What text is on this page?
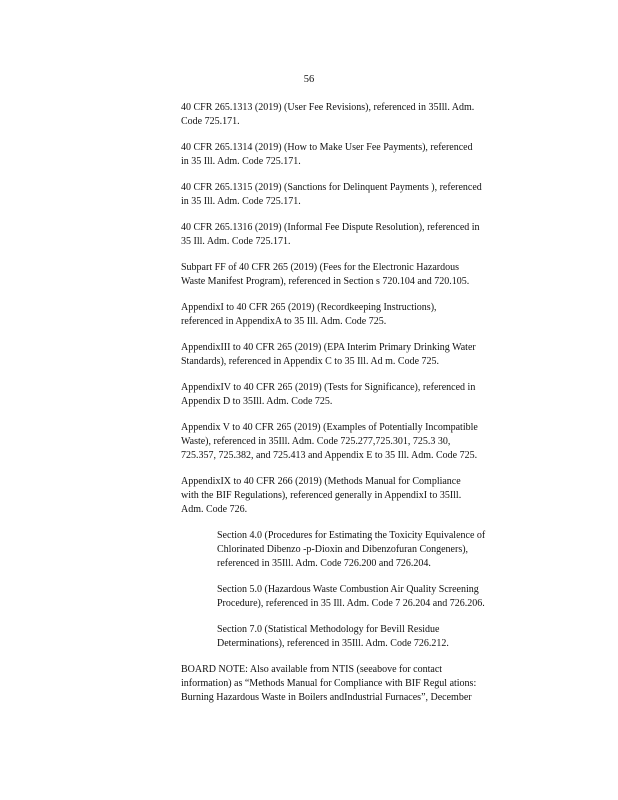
56
40 CFR 265.1313 (2019) (User Fee Revisions), referenced in 35Ill. Adm.
Code 725.171.
40 CFR 265.1314 (2019) (How to Make User Fee Payments), referenced
in 35 Ill. Adm. Code 725.171.
40 CFR 265.1315 (2019) (Sanctions for Delinquent Payments ), referenced
in 35 Ill. Adm. Code 725.171.
40 CFR 265.1316 (2019) (Informal Fee Dispute Resolution), referenced in
35 Ill. Adm. Code 725.171.
Subpart FF of 40 CFR 265 (2019) (Fees for the Electronic Hazardous
Waste Manifest Program), referenced in Section s 720.104 and 720.105.
AppendixI to 40 CFR 265 (2019) (Recordkeeping Instructions),
referenced in AppendixA to 35 Ill. Adm. Code 725.
AppendixIII to 40 CFR 265 (2019) (EPA Interim Primary Drinking Water
Standards), referenced in Appendix C to 35 Ill. Ad m. Code 725.
AppendixIV to 40 CFR 265 (2019) (Tests for Significance), referenced in
Appendix D to 35Ill. Adm. Code 725.
Appendix V to 40 CFR 265 (2019) (Examples of Potentially Incompatible
Waste), referenced in 35Ill. Adm. Code 725.277,725.301, 725.3 30,
725.357, 725.382, and 725.413 and Appendix E to 35 Ill. Adm. Code 725.
AppendixIX to 40 CFR 266 (2019) (Methods Manual for Compliance
with the BIF Regulations), referenced generally in AppendixI to 35Ill.
Adm. Code 726.
Section 4.0 (Procedures for Estimating the Toxicity Equivalence of
Chlorinated Dibenzo -p-Dioxin and Dibenzofuran Congeners),
referenced in 35Ill. Adm. Code 726.200 and 726.204.
Section 5.0 (Hazardous Waste Combustion Air Quality Screening
Procedure), referenced in 35 Ill. Adm. Code 7 26.204 and 726.206.
Section 7.0 (Statistical Methodology for Bevill Residue
Determinations), referenced in 35Ill. Adm. Code 726.212.
BOARD NOTE: Also available from NTIS (seeabove for contact
information) as “Methods Manual for Compliance with BIF Regul ations:
Burning Hazardous Waste in Boilers andIndustrial Furnaces”, December
